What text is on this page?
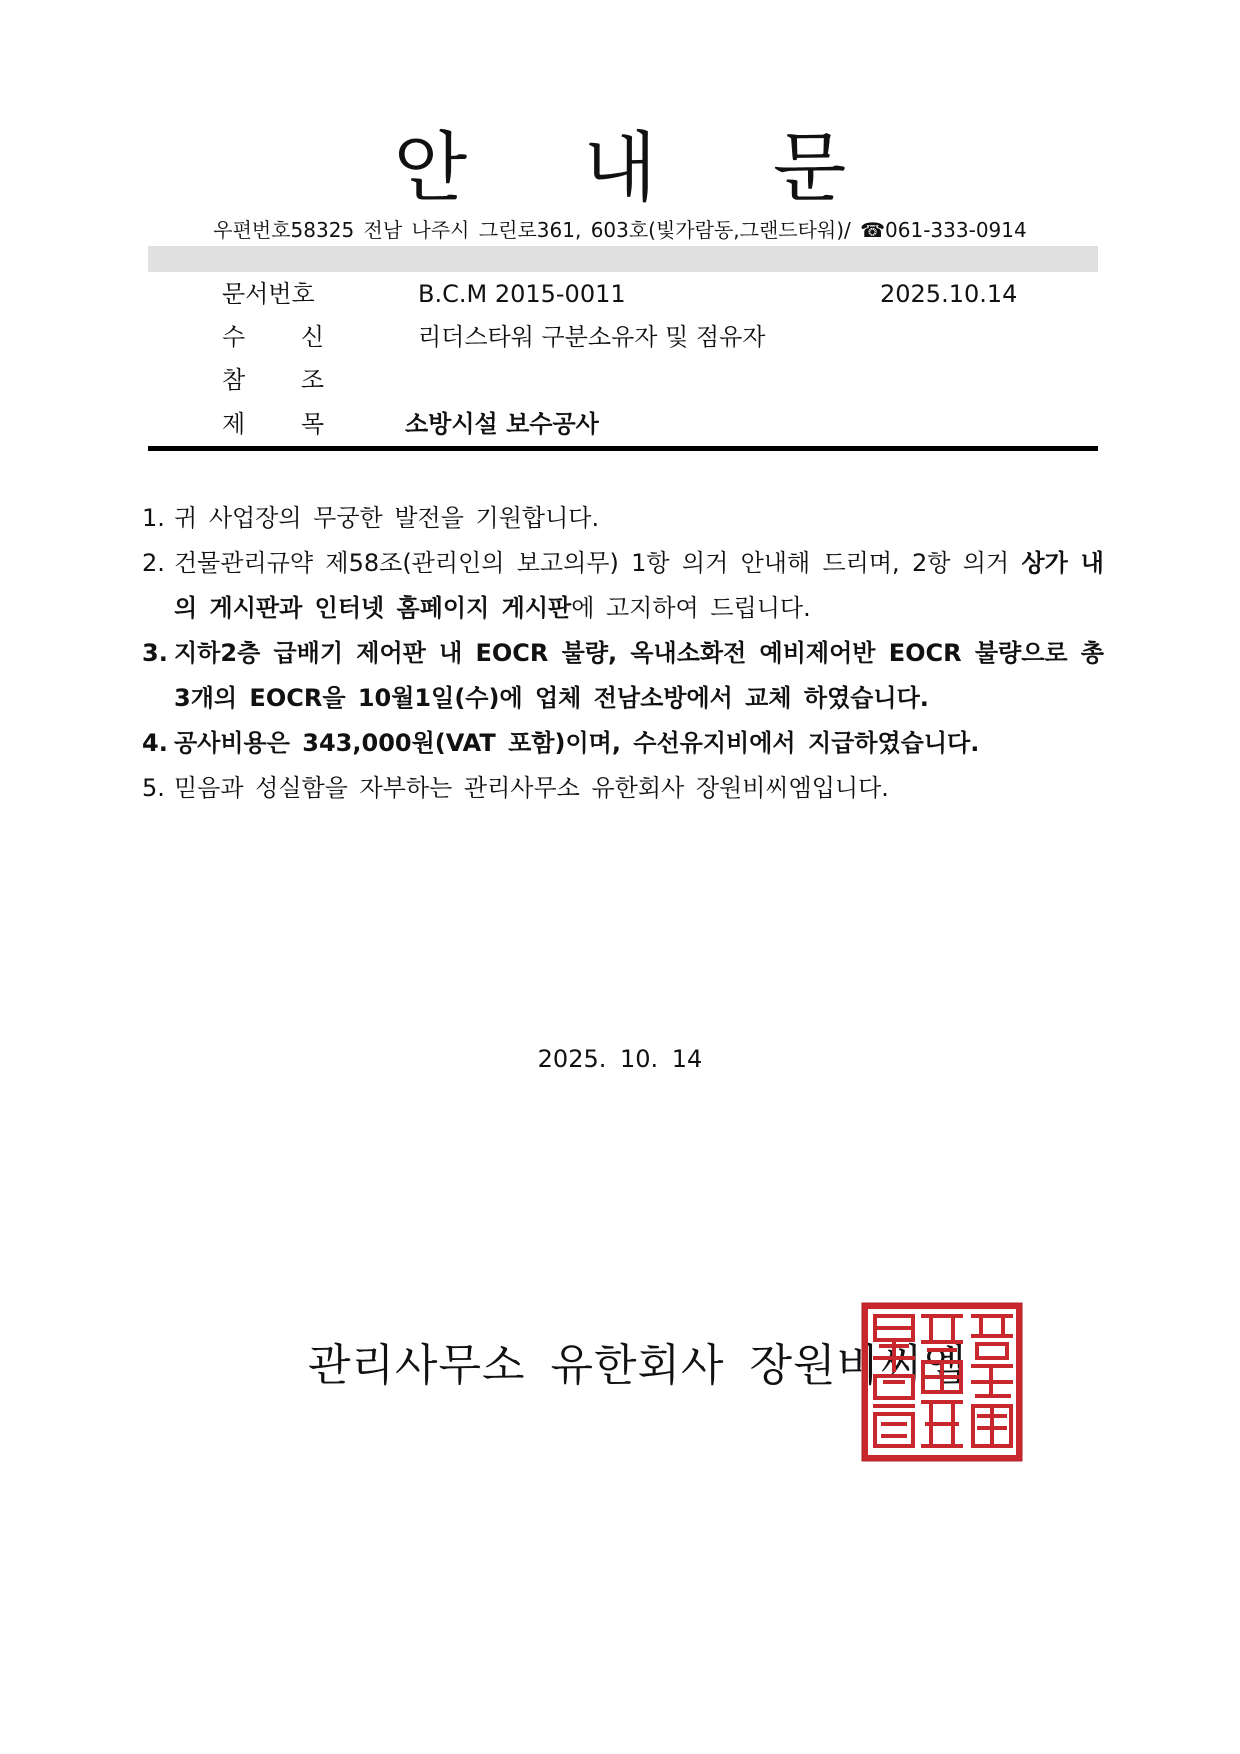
안 내 문
우편번호58325 전남 나주시 그린로361, 603호(빛가람동,그랜드타워)/ ☎061-333-0914
문서번호	B.C.M 2015-0011	2025.10.14
수 신	리더스타워 구분소유자 및 점유자
참 조
제 목	소방시설 보수공사
1. 귀 사업장의 무궁한 발전을 기원합니다.
2. 건물관리규약 제58조(관리인의 보고의무) 1항 의거 안내해 드리며, 2항 의거 상가 내의 게시판과 인터넷 홈페이지 게시판에 고지하여 드립니다.
3. 지하2층 급배기 제어판 내 EOCR 불량, 옥내소화전 예비제어반 EOCR 불량으로 총 3개의 EOCR을 10월1일(수)에 업체 전남소방에서 교체 하였습니다.
4. 공사비용은 343,000원(VAT 포함)이며, 수선유지비에서 지급하였습니다.
5. 믿음과 성실함을 자부하는 관리사무소 유한회사 장원비씨엠입니다.
2025. 10. 14
관리사무소 유한회사 장원비씨엠
유한회사장원비씨엠
